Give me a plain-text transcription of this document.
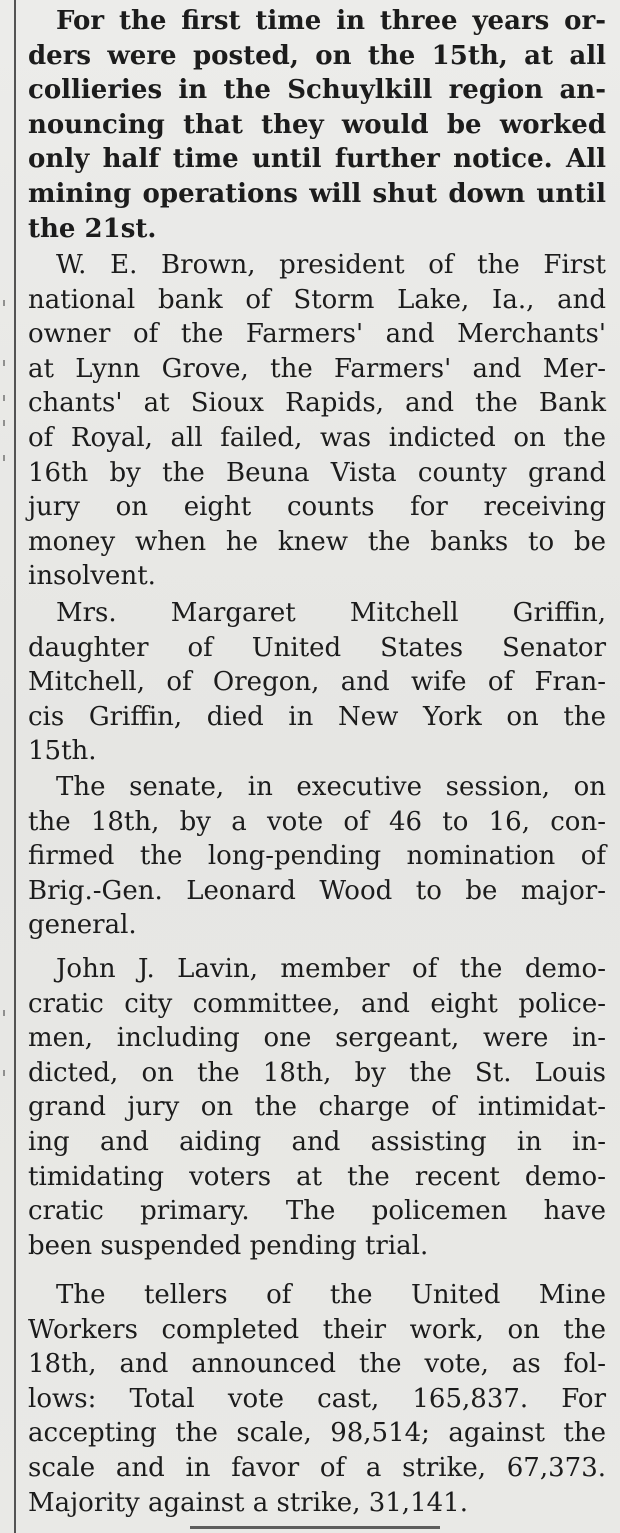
For the first time in three years or-
ders were posted, on the 15th, at all
collieries in the Schuylkill region an-
nouncing that they would be worked
only half time until further notice. All
mining operations will shut down until
the 21st.
W. E. Brown, president of the First
national bank of Storm Lake, Ia., and
owner of the Farmers' and Merchants'
at Lynn Grove, the Farmers' and Mer-
chants' at Sioux Rapids, and the Bank
of Royal, all failed, was indicted on the
16th by the Beuna Vista county grand
jury on eight counts for receiving
money when he knew the banks to be
insolvent.
Mrs. Margaret Mitchell Griffin,
daughter of United States Senator
Mitchell, of Oregon, and wife of Fran-
cis Griffin, died in New York on the
15th.
The senate, in executive session, on
the 18th, by a vote of 46 to 16, con-
firmed the long-pending nomination of
Brig.-Gen. Leonard Wood to be major-
general.
John J. Lavin, member of the demo-
cratic city committee, and eight police-
men, including one sergeant, were in-
dicted, on the 18th, by the St. Louis
grand jury on the charge of intimidat-
ing and aiding and assisting in in-
timidating voters at the recent demo-
cratic primary. The policemen have
been suspended pending trial.
The tellers of the United Mine
Workers completed their work, on the
18th, and announced the vote, as fol-
lows: Total vote cast, 165,837. For
accepting the scale, 98,514; against the
scale and in favor of a strike, 67,373.
Majority against a strike, 31,141.
